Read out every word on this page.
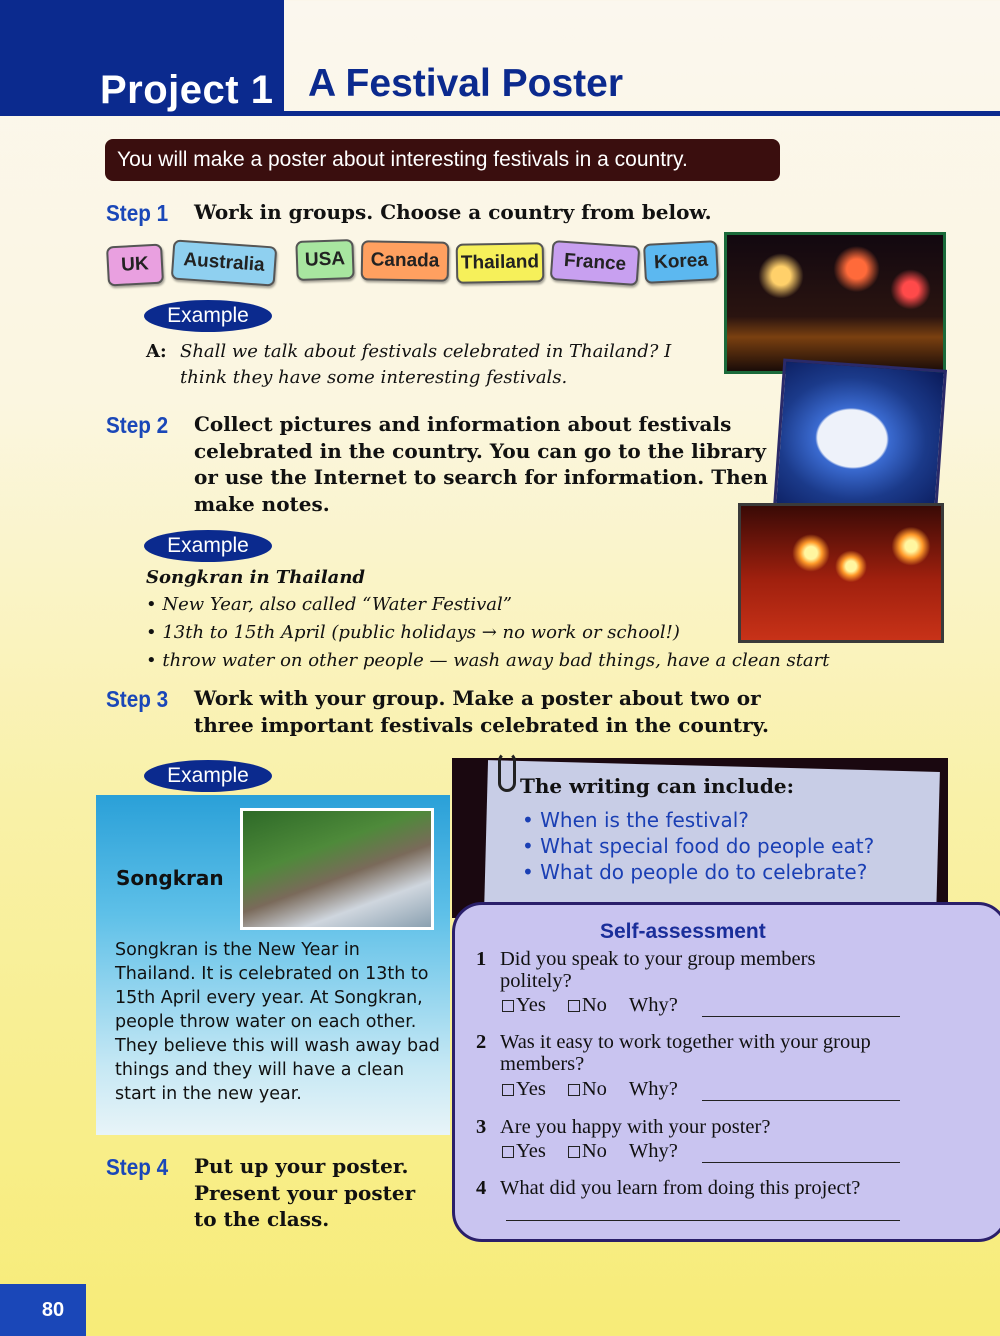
Project 1 A Festival Poster
You will make a poster about interesting festivals in a country.
Step 1 Work in groups. Choose a country from below.
UK	Australia	USA	Canada	Thailand	France	Korea
Example
A: Shall we talk about festivals celebrated in Thailand? I think they have some interesting festivals.
Step 2 Collect pictures and information about festivals celebrated in the country. You can go to the library or use the Internet to search for information. Then make notes.
Example
Songkran in Thailand
• New Year, also called “Water Festival”
• 13th to 15th April (public holidays → no work or school!)
• throw water on other people — wash away bad things, have a clean start
Step 3 Work with your group. Make a poster about two or three important festivals celebrated in the country.
Example
Songkran
Songkran is the New Year in Thailand. It is celebrated on 13th to 15th April every year. At Songkran, people throw water on each other. They believe this will wash away bad things and they will have a clean start in the new year.
Step 4 Put up your poster. Present your poster to the class.
The writing can include:
• When is the festival?
• What special food do people eat?
• What do people do to celebrate?
Self-assessment
1 Did you speak to your group members politely?
Yes No Why?
2 Was it easy to work together with your group members?
Yes No Why?
3 Are you happy with your poster?
Yes No Why?
4 What did you learn from doing this project?
80
